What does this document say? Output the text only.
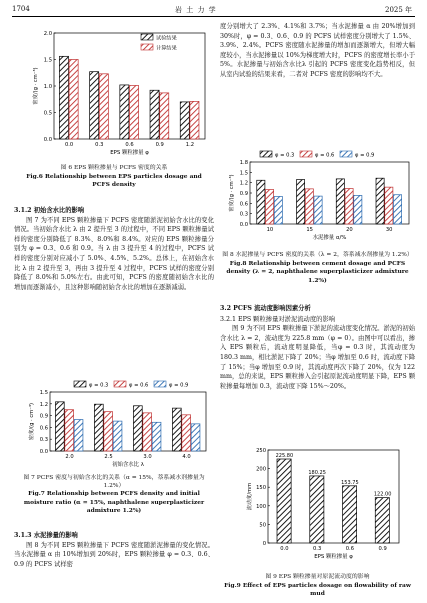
1704	岩 土 力 学	2025 年
0.0
0.5
1.0
1.5
2.0
0.0	0.3	0.6	0.9	1.2
EPS 颗粒掺量 φ
密度/(g · cm⁻³)
试验结果
计算结果
图 6 EPS 颗粒掺量与 PCFS 密度的关系
Fig.6 Relationship between EPS particles dosage and
PCFS density
3.1.2 初始含水比的影响

图 7 为不同 EPS 颗粒掺量下 PCFS 密度随淤泥初始含水比的变化情况。当初始含水比 λ 由 2 提升至 3 的过程中，不同 EPS 颗粒掺量试样的密度分别降低了 8.3%、8.0%和 8.4%。对应的 EPS 颗粒掺量分别为 φ = 0.3、0.6 和 0.9。当 λ 由 3 提升至 4 的过程中，PCFS 试样的密度分别对应减小了 5.0%、4.5%、5.2%。总体上，在初始含水比 λ 由 2 提升至 3，再由 3 提升至 4 过程中，PCFS 试样的密度分别降低了 8.0%和 5.0%左右。由此可知，PCFS 的密度随初始含水比的增加而逐渐减小，且这种影响随初始含水比的增加在逐渐减弱。

0.0
0.3
0.6
0.9
1.2
1.5
2.0	2.5	3.0	4.0
初始含水比 λ
密度/(g · cm⁻³)
φ = 0.3	φ = 0.6	φ = 0.9
图 7 PCFS 密度与初始含水比的关系（α = 15%，萘系减水剂掺量为 1.2%）
Fig.7 Relationship between PCFS density and initial
moisture ratio (α = 15%, naphthalene superplasticizer
admixture 1.2%)
3.1.3 水泥掺量的影响

图 8 为不同 EPS 颗粒掺量下 PCFS 密度随淤泥掺量的变化情况。当水泥掺量 α 由 10%增加到 20%时，EPS 颗粒掺量 φ = 0.3、0.6、0.9 的 PCFS 试样密

度分别增大了 2.3%、4.1%和 3.7%；当水泥掺量 α 由 20%增加到 30%时，φ = 0.3、0.6、0.9 的 PCFS 试样密度分别增大了 1.5%、3.9%、2.4%。PCFS 密度随水泥掺量的增加而逐渐增大，但增大幅度较小，当水泥掺量以 10%为梯度增大时，PCFS 的密度增长率小于 5%。水泥掺量与初始含水比λ 引起的 PCFS 密度变化趋势相反，但从室内试验的结果来看，二者对 PCFS 密度的影响均不大。

0.0
0.3
0.6
0.9
1.2
1.5
1.8
10	15	20	30
水泥掺量 α/%
密度/(g · cm⁻³)
φ = 0.3	φ = 0.6	φ = 0.9
图 8 水泥掺量与 PCFS 密度的关系（λ = 2，萘系减水剂掺量为 1.2%）
Fig.8 Relationship between cement dosage and PCFS
density (λ = 2, naphthalene superplasticizer admixture 1.2%)
3.2 PCFS 流动度影响因素分析
3.2.1 EPS 颗粒掺量对淤泥流动度的影响

图 9 为不同 EPS 颗粒掺量下淤泥的流动度变化情况。淤泥的初始含水比 λ = 2，流动度为 225.8 mm（φ = 0）。由图中可以看出，掺入 EPS 颗粒后，流动度明显降低，当φ = 0.3 时，其流动度为 180.3 mm，相比淤泥下降了 20%；当φ 增加至 0.6 时，流动度下降了 15%；当φ 增加至 0.9 时，其流动度再次下降了 20%，仅为 122 mm，总的来说，EPS 颗粒掺入会引起原泥流动度明显下降，EPS 颗粒掺量每增加 0.3，流动度下降 15%～20%。

0
50
100
150
200
250
225.80
0.0
180.25
0.3
153.75
0.6
122.00
0.9
EPS 颗粒掺量 φ
流动度/mm
图 9 EPS 颗粒掺量对原泥流动度的影响
Fig.9 Effect of EPS particles dosage on flowability of raw mud
